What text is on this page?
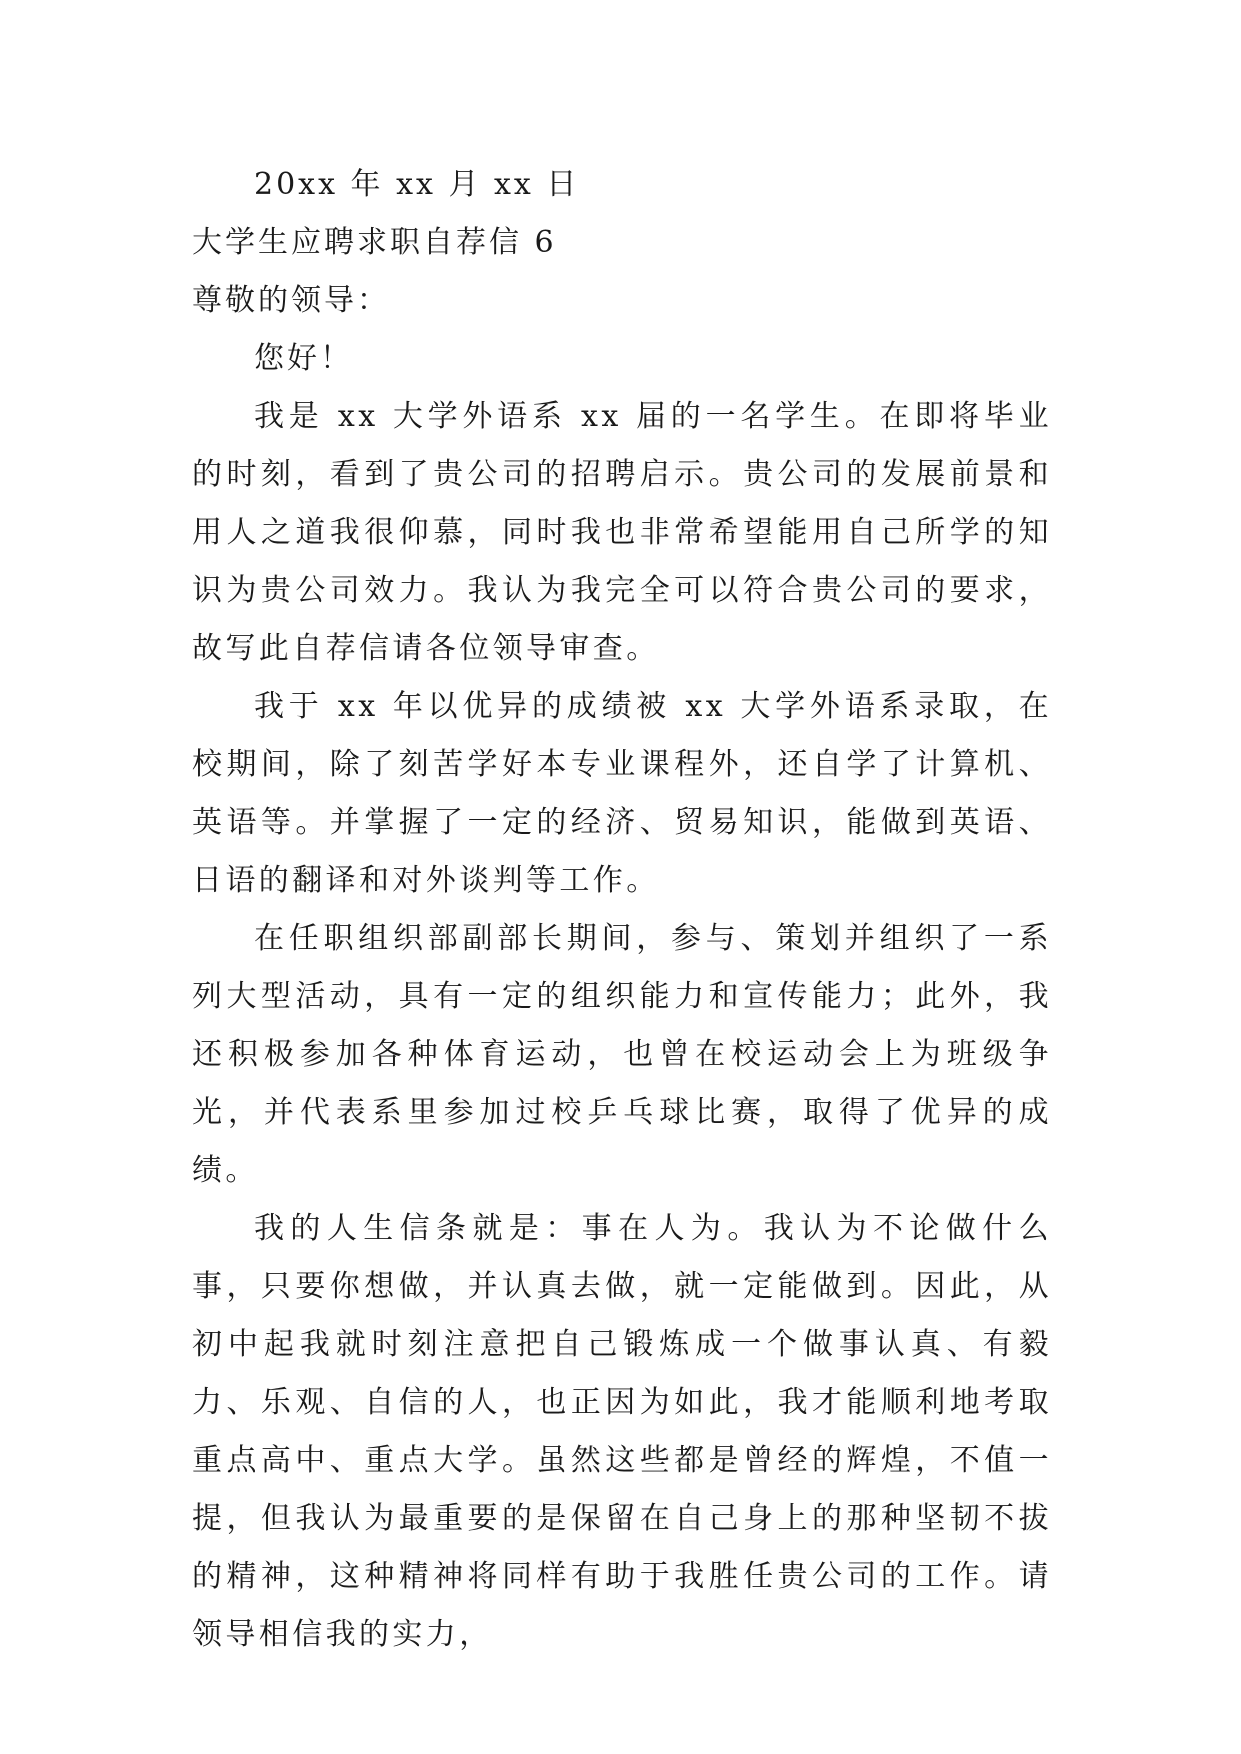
20xx 年 xx 月 xx 日

大学生应聘求职自荐信 6

尊敬的领导：

您好！

我是 xx 大学外语系 xx 届的一名学生。在即将毕业的时刻，看到了贵公司的招聘启示。贵公司的发展前景和用人之道我很仰慕，同时我也非常希望能用自己所学的知识为贵公司效力。我认为我完全可以符合贵公司的要求，故写此自荐信请各位领导审查。

我于 xx 年以优异的成绩被 xx 大学外语系录取，在校期间，除了刻苦学好本专业课程外，还自学了计算机、英语等。并掌握了一定的经济、贸易知识，能做到英语、日语的翻译和对外谈判等工作。

在任职组织部副部长期间，参与、策划并组织了一系列大型活动，具有一定的组织能力和宣传能力；此外，我还积极参加各种体育运动，也曾在校运动会上为班级争光，并代表系里参加过校乒乓球比赛，取得了优异的成绩。

我的人生信条就是：事在人为。我认为不论做什么事，只要你想做，并认真去做，就一定能做到。因此，从初中起我就时刻注意把自己锻炼成一个做事认真、有毅力、乐观、自信的人，也正因为如此，我才能顺利地考取重点高中、重点大学。虽然这些都是曾经的辉煌，不值一提，但我认为最重要的是保留在自己身上的那种坚韧不拔的精神，这种精神将同样有助于我胜任贵公司的工作。请领导相信我的实力，
